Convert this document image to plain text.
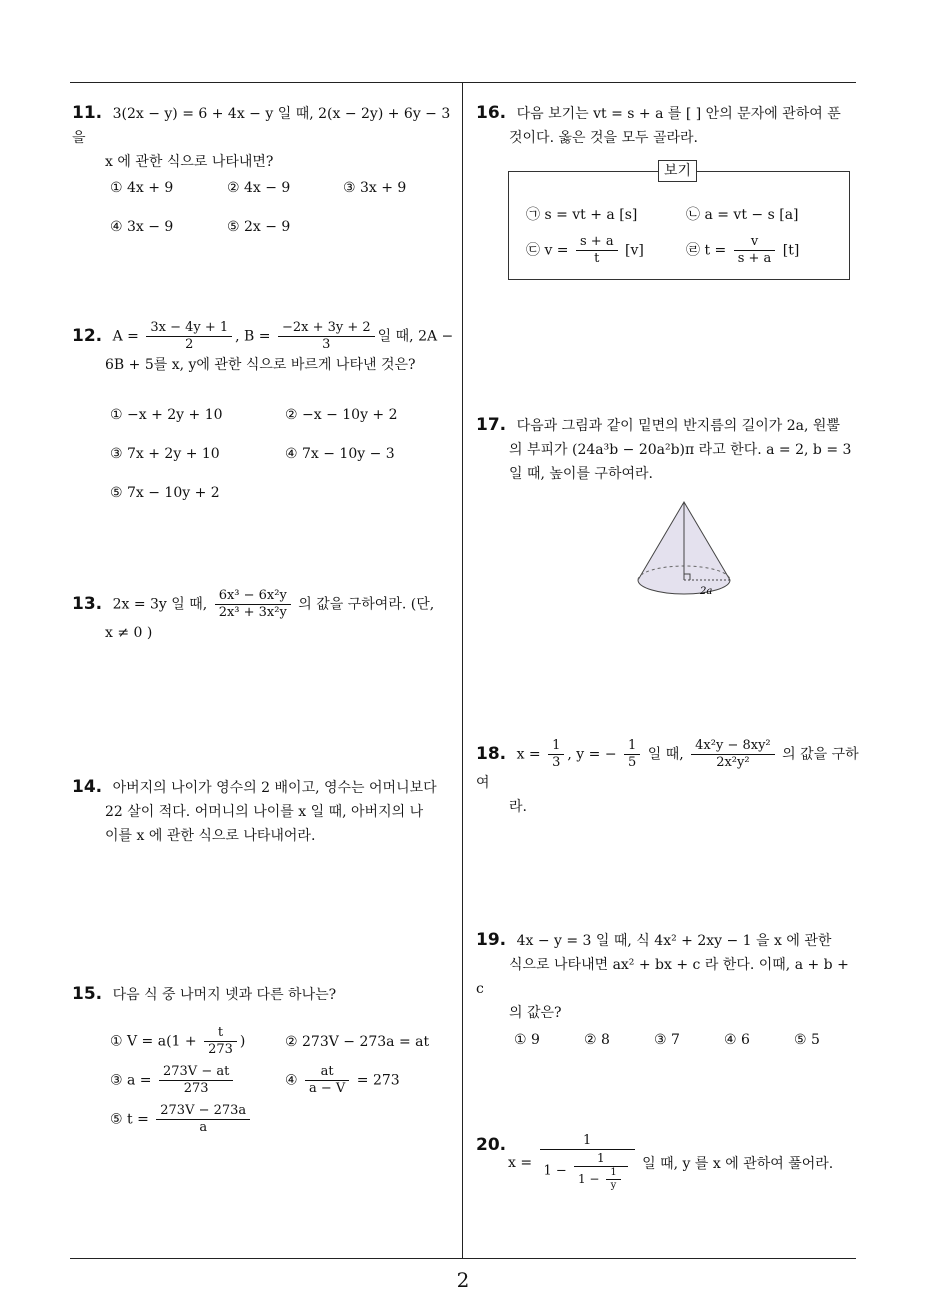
11. 3(2x − y) = 6 + 4x − y 일 때, 2(x − 2y) + 6y − 3 을
x 에 관한 식으로 나타내면?
① 4x + 9	② 4x − 9	③ 3x + 9
④ 3x − 9	⑤ 2x − 9
12. $A = \frac{3x - 4y + 1}{2}$ , $B = \frac{-2x + 3y + 2}{3}$ 일 때, 2A −
6B + 5를 x, y에 관한 식으로 바르게 나타낸 것은?
① −x + 2y + 10	② −x − 10y + 2
③ 7x + 2y + 10	④ 7x − 10y − 3
⑤ 7x − 10y + 2
13. 2x = 3y 일 때, $\frac{\text{6x³ − 6x²y}}{\text{2x³ + 3x²y}}$ 의 값을 구하여라. (단,
x ≠ 0 )
14. 아버지의 나이가 영수의 2 배이고, 영수는 어머니보다
22 살이 적다. 어머니의 나이를 x 일 때, 아버지의 나
이를 x 에 관한 식으로 나타내어라.
15. 다음 식 중 나머지 넷과 다른 하나는?
① $V = a(1 + \frac{t}{273}$ )	② 273V − 273a = at
③ $a = \frac{273V - at}{273}$	④ $\frac{at}{a - V} = 273$
⑤ $t = \frac{273V - 273a}{a}$
16. 다음 보기는 vt = s + a 를 [ ] 안의 문자에 관하여 푼
것이다. 옳은 것을 모두 골라라.
보기
㉠ s = vt + a [s]	㉡ a = vt − s [a]
㉢ $v = \frac{s + a}{t} [v]$	㉣ $t = \frac{v}{s + a} [t]$
17. 다음과 그림과 같이 밑면의 반지름의 길이가 2a, 원뿔
의 부피가 (24a³b − 20a²b)π 라고 한다. a = 2, b = 3
일 때, 높이를 구하여라.
2a
18. $x = \frac{1}{3}$ , y = − $\frac{1}{5}$ 일 때, $\frac{\text{4x²y − 8xy²}}{\text{2x²y²}}$ 의 값을 구하여
라.
19. 4x − y = 3 일 때, 식 4x² + 2xy − 1 을 x 에 관한
식으로 나타내면 ax² + bx + c 라 한다. 이때, a + b + c
의 값은?
① 9	② 8	③ 7	④ 6	⑤ 5
20.
x =
1
$1 - \frac{1}{1 - \frac{1}{y}}$ 일 때, y 를 x 에 관하여 풀어라.
2
